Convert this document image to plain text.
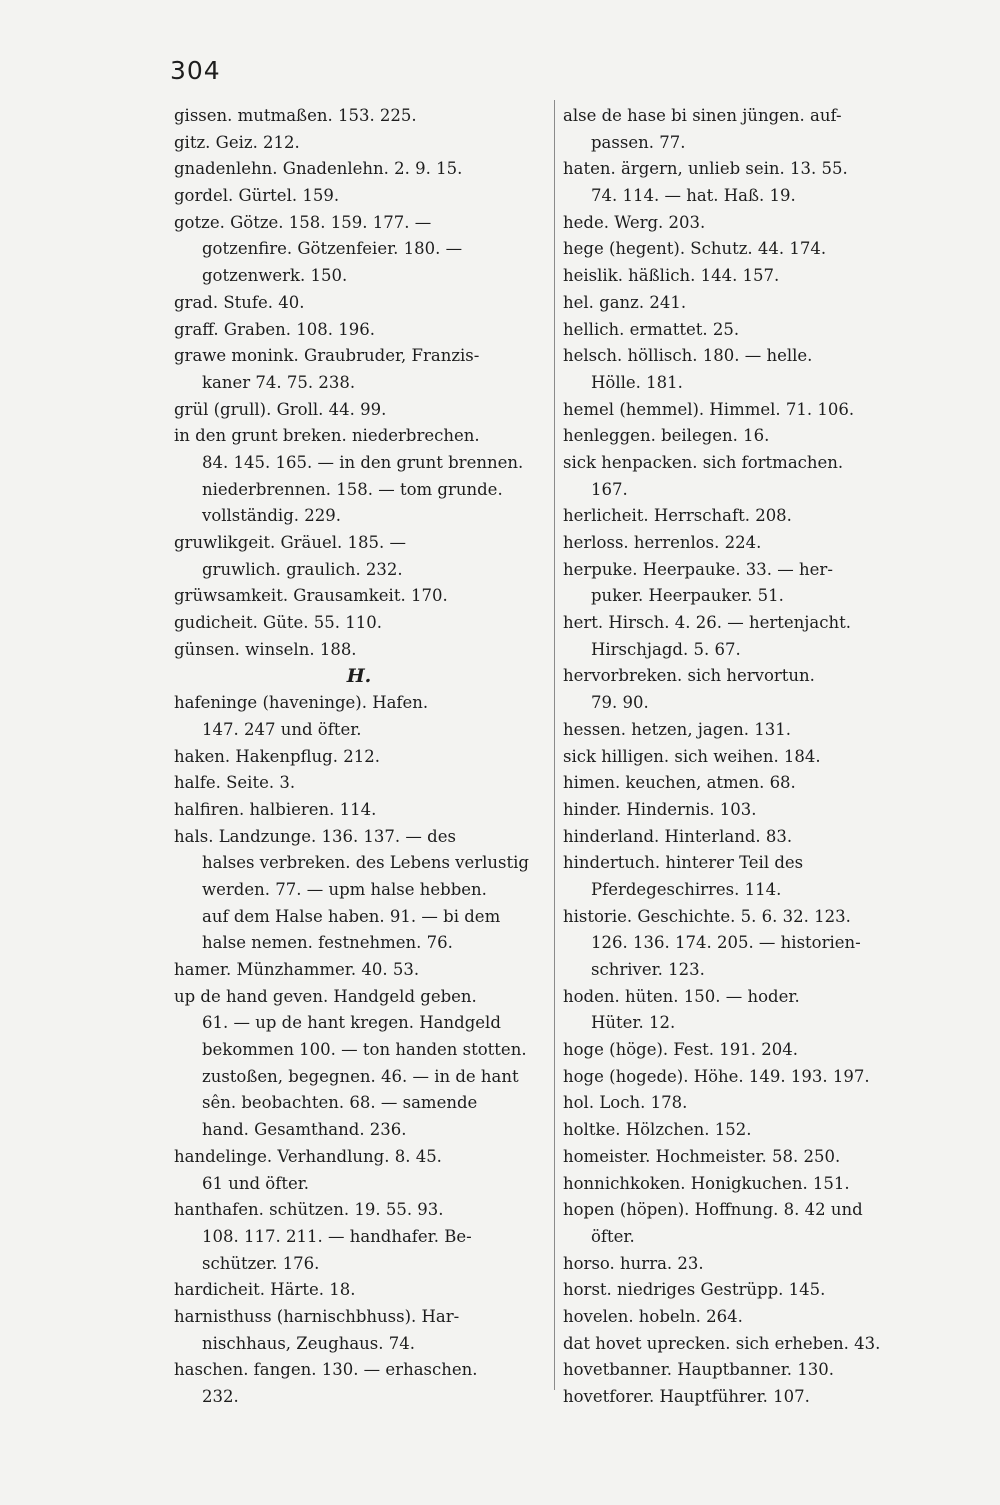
304
gissen. mutmaßen. 153. 225.
gitz. Geiz. 212.
gnadenlehn. Gnadenlehn. 2. 9. 15.
gordel. Gürtel. 159.
gotze. Götze. 158. 159. 177. —
gotzenfire. Götzenfeier. 180. —
gotzenwerk. 150.
grad. Stufe. 40.
graff. Graben. 108. 196.
grawe monink. Graubruder, Franzis-
kaner 74. 75. 238.
grül (grull). Groll. 44. 99.
in den grunt breken. niederbrechen.
84. 145. 165. — in den grunt brennen.
niederbrennen. 158. — tom grunde.
vollständig. 229.
gruwlikgeit. Gräuel. 185. —
gruwlich. graulich. 232.
grüwsamkeit. Grausamkeit. 170.
gudicheit. Güte. 55. 110.
günsen. winseln. 188.
H.
hafeninge (haveninge). Hafen.
147. 247 und öfter.
haken. Hakenpflug. 212.
halfe. Seite. 3.
halfiren. halbieren. 114.
hals. Landzunge. 136. 137. — des
halses verbreken. des Lebens verlustig
werden. 77. — upm halse hebben.
auf dem Halse haben. 91. — bi dem
halse nemen. festnehmen. 76.
hamer. Münzhammer. 40. 53.
up de hand geven. Handgeld geben.
61. — up de hant kregen. Handgeld
bekommen 100. — ton handen stotten.
zustoßen, begegnen. 46. — in de hant
sên. beobachten. 68. — samende
hand. Gesamthand. 236.
handelinge. Verhandlung. 8. 45.
61 und öfter.
hanthafen. schützen. 19. 55. 93.
108. 117. 211. — handhafer. Be-
schützer. 176.
hardicheit. Härte. 18.
harnisthuss (harnischbhuss). Har-
nischhaus, Zeughaus. 74.
haschen. fangen. 130. — erhaschen.
232.
alse de hase bi sinen jüngen. auf-
passen. 77.
haten. ärgern, unlieb sein. 13. 55.
74. 114. — hat. Haß. 19.
hede. Werg. 203.
hege (hegent). Schutz. 44. 174.
heislik. häßlich. 144. 157.
hel. ganz. 241.
hellich. ermattet. 25.
helsch. höllisch. 180. — helle.
Hölle. 181.
hemel (hemmel). Himmel. 71. 106.
henleggen. beilegen. 16.
sick henpacken. sich fortmachen.
167.
herlicheit. Herrschaft. 208.
herloss. herrenlos. 224.
herpuke. Heerpauke. 33. — her-
puker. Heerpauker. 51.
hert. Hirsch. 4. 26. — hertenjacht.
Hirschjagd. 5. 67.
hervorbreken. sich hervortun.
79. 90.
hessen. hetzen, jagen. 131.
sick hilligen. sich weihen. 184.
himen. keuchen, atmen. 68.
hinder. Hindernis. 103.
hinderland. Hinterland. 83.
hindertuch. hinterer Teil des
Pferdegeschirres. 114.
historie. Geschichte. 5. 6. 32. 123.
126. 136. 174. 205. — historien-
schriver. 123.
hoden. hüten. 150. — hoder.
Hüter. 12.
hoge (höge). Fest. 191. 204.
hoge (hogede). Höhe. 149. 193. 197.
hol. Loch. 178.
holtke. Hölzchen. 152.
homeister. Hochmeister. 58. 250.
honnichkoken. Honigkuchen. 151.
hopen (höpen). Hoffnung. 8. 42 und
öfter.
horso. hurra. 23.
horst. niedriges Gestrüpp. 145.
hovelen. hobeln. 264.
dat hovet uprecken. sich erheben. 43.
hovetbanner. Hauptbanner. 130.
hovetforer. Hauptführer. 107.
